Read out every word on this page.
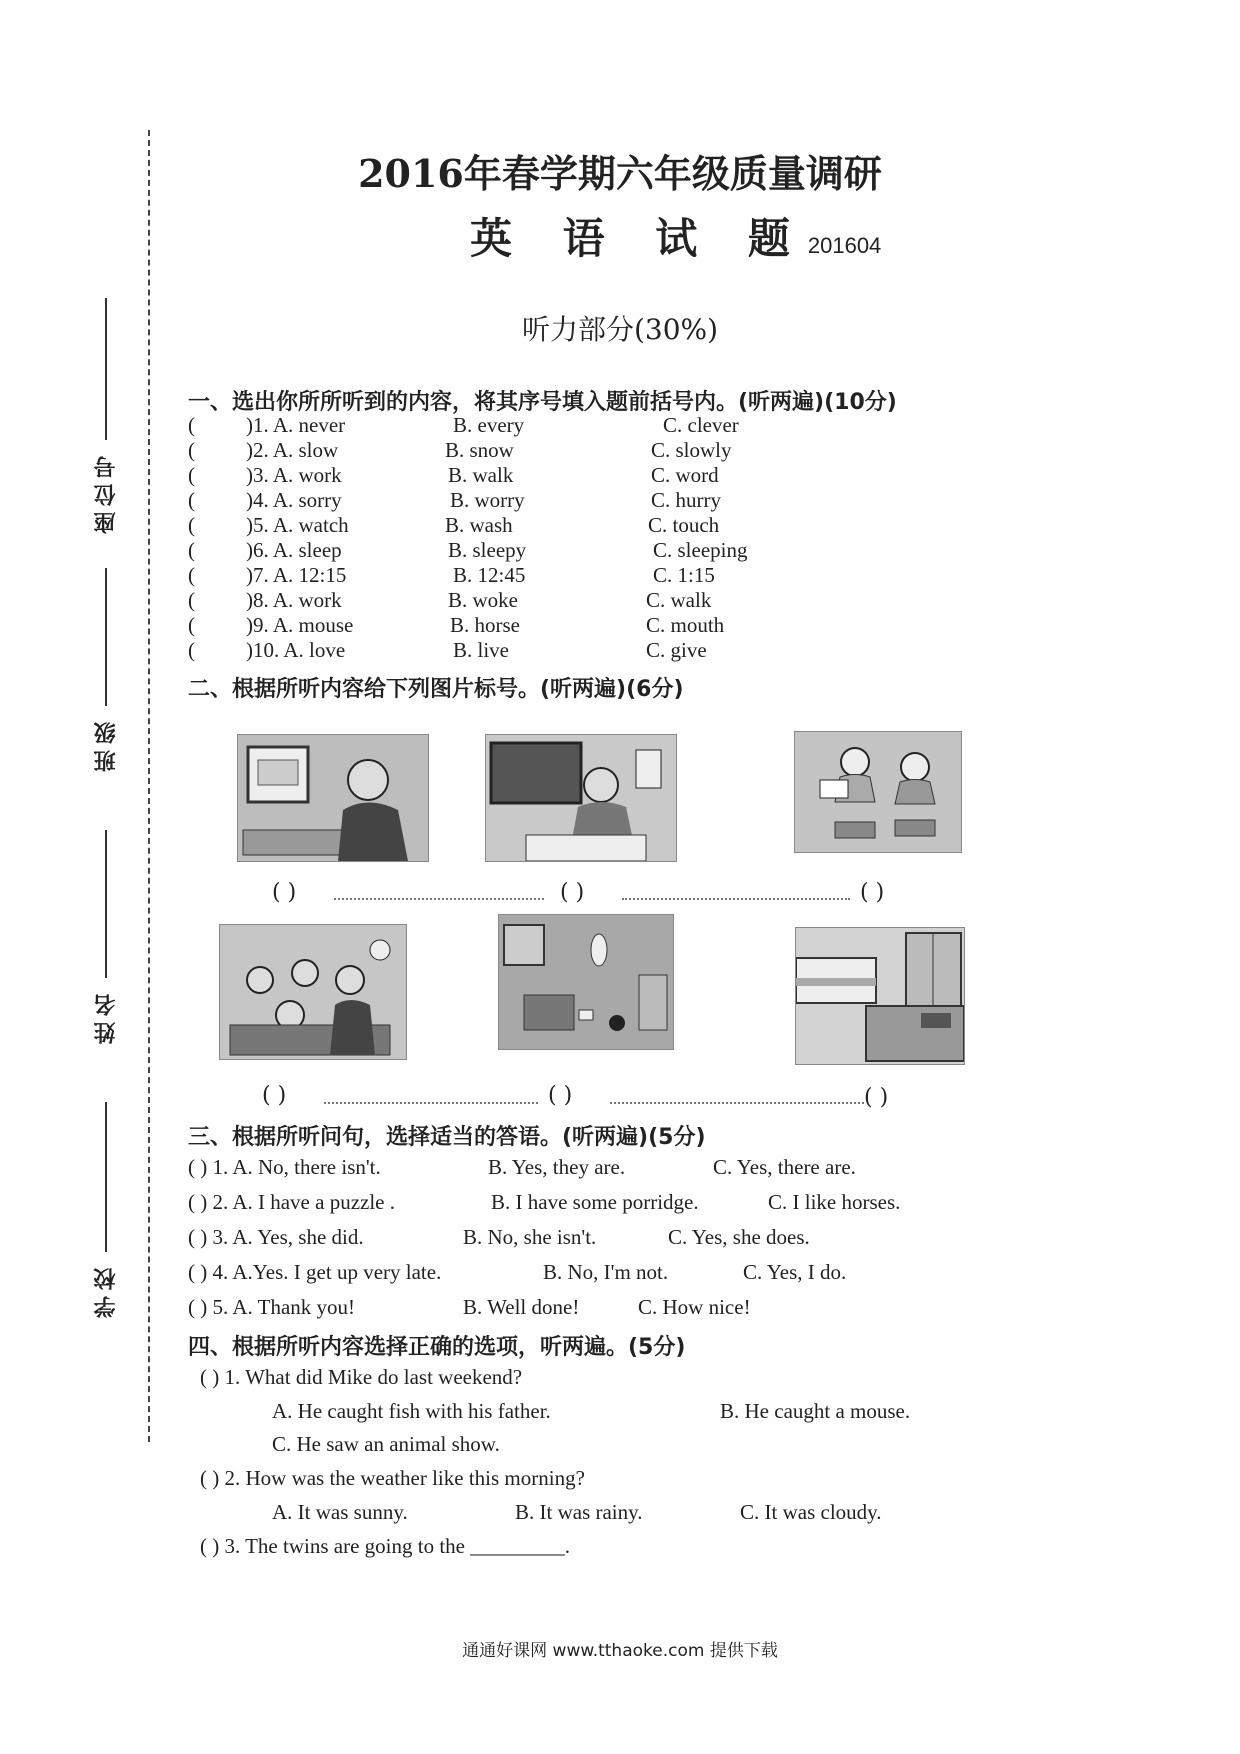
座位号
班级
姓名
学校
2016年春学期六年级质量调研
英 语 试 题201604
听力部分(30%)
一、选出你所所听到的内容，将其序号填入题前括号内。(听两遍)(10分)
( )1. A. never	B. every	C. clever
( )2. A. slow	B. snow	C. slowly
( )3. A. work	B. walk	C. word
( )4. A. sorry	B. worry	C. hurry
( )5. A. watch	B. wash	C. touch
( )6. A. sleep	B. sleepy	C. sleeping
( )7. A. 12:15	B. 12:45	C. 1:15
( )8. A. work	B. woke	C. walk
( )9. A. mouse	B. horse	C. mouth
( )10. A. love	B. live	C. give
二、根据所听内容给下列图片标号。(听两遍)(6分)
( )	( )	( )
( )	( )	( )
三、根据所听问句，选择适当的答语。(听两遍)(5分)
( ) 1. A. No, there isn't.	B. Yes, they are.	C. Yes, there are.
( ) 2. A. I have a puzzle .	B. I have some porridge.	C. I like horses.
( ) 3. A. Yes, she did.	B. No, she isn't.	C. Yes, she does.
( ) 4. A.Yes. I get up very late.	B. No, I'm not.	C. Yes, I do.
( ) 5. A. Thank you!	B. Well done!	C. How nice!
四、根据所听内容选择正确的选项，听两遍。(5分)
( ) 1. What did Mike do last weekend?
A. He caught fish with his father.	B. He caught a mouse.
C. He saw an animal show.
( ) 2. How was the weather like this morning?
A. It was sunny.	B. It was rainy.	C. It was cloudy.
( ) 3. The twins are going to the _________.
通通好课网 www.tthaoke.com 提供下载
